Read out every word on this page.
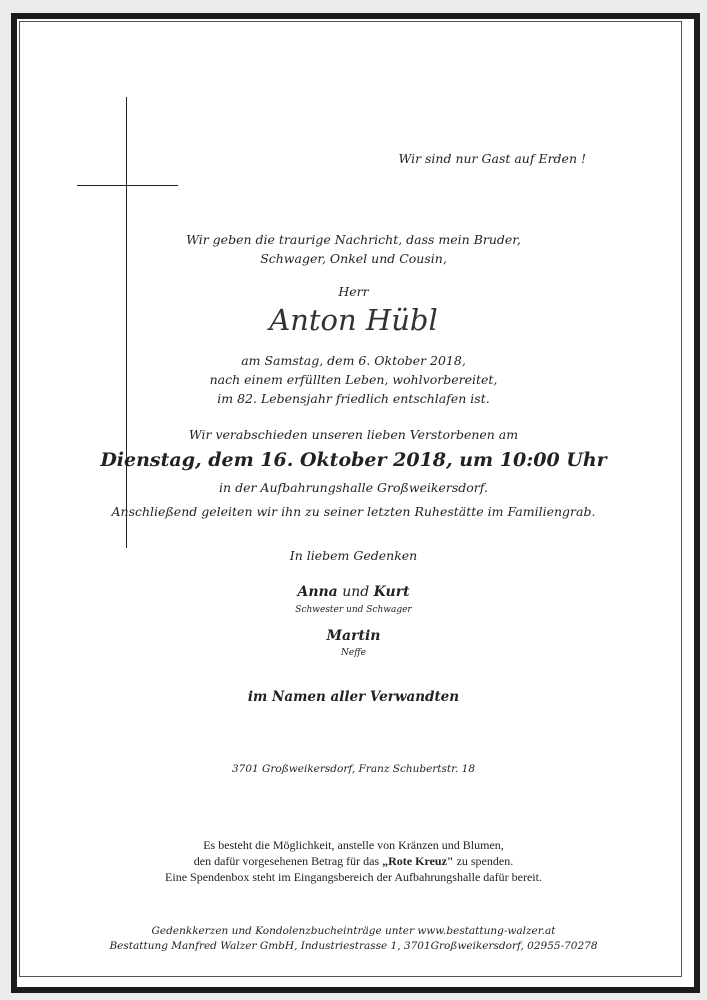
Wir sind nur Gast auf Erden !
Wir geben die traurige Nachricht, dass mein Bruder,
Schwager, Onkel und Cousin,
Herr
Anton Hübl
am Samstag, dem 6. Oktober 2018,
nach einem erfüllten Leben, wohlvorbereitet,
im 82. Lebensjahr friedlich entschlafen ist.
Wir verabschieden unseren lieben Verstorbenen am
Dienstag, dem 16. Oktober 2018, um 10:00 Uhr
in der Aufbahrungshalle Großweikersdorf.
Anschließend geleiten wir ihn zu seiner letzten Ruhestätte im Familiengrab.
In liebem Gedenken
Anna und Kurt
Schwester und Schwager
Martin
Neffe
im Namen aller Verwandten
3701 Großweikersdorf, Franz Schubertstr. 18
Es besteht die Möglichkeit, anstelle von Kränzen und Blumen,
den dafür vorgesehenen Betrag für das „Rote Kreuz" zu spenden.
Eine Spendenbox steht im Eingangsbereich der Aufbahrungshalle dafür bereit.
Gedenkkerzen und Kondolenzbucheinträge unter www.bestattung-walzer.at
Bestattung Manfred Walzer GmbH, Industriestrasse 1, 3701Großweikersdorf, 02955-70278
